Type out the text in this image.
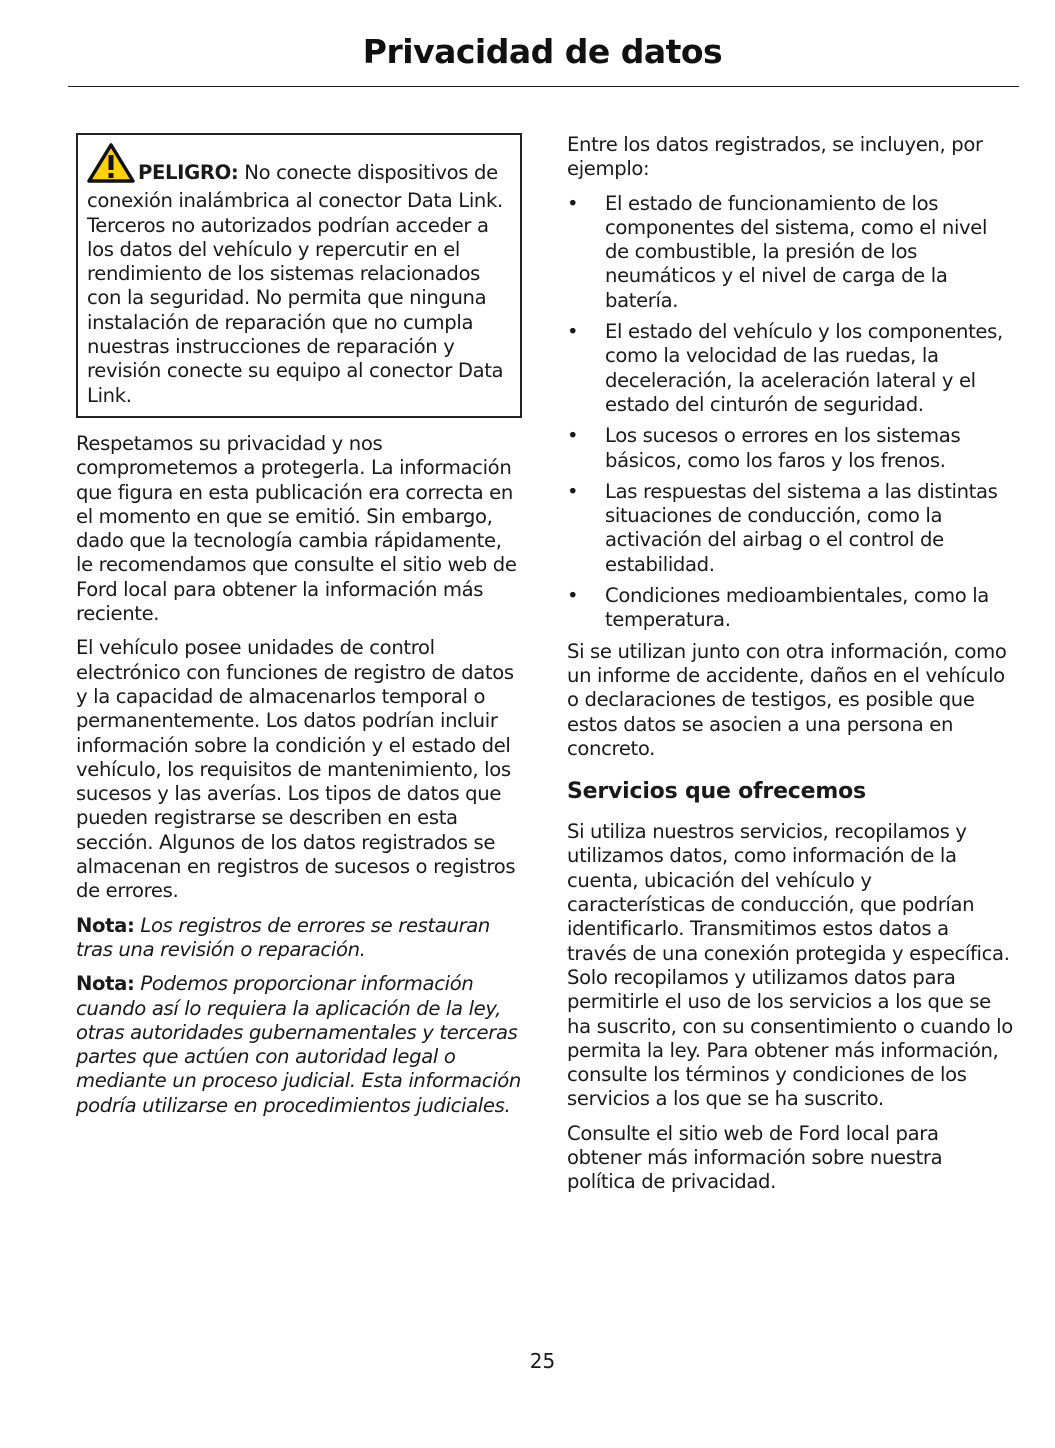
Privacidad de datos
PELIGRO: No conecte dispositivos de conexión inalámbrica al conector Data Link. Terceros no autorizados podrían acceder a los datos del vehículo y repercutir en el rendimiento de los sistemas relacionados con la seguridad. No permita que ninguna instalación de reparación que no cumpla nuestras instrucciones de reparación y revisión conecte su equipo al conector Data Link.

Respetamos su privacidad y nos comprometemos a protegerla. La información que figura en esta publicación era correcta en el momento en que se emitió. Sin embargo, dado que la tecnología cambia rápidamente, le recomendamos que consulte el sitio web de Ford local para obtener la información más reciente.

El vehículo posee unidades de control electrónico con funciones de registro de datos y la capacidad de almacenarlos temporal o permanentemente. Los datos podrían incluir información sobre la condición y el estado del vehículo, los requisitos de mantenimiento, los sucesos y las averías. Los tipos de datos que pueden registrarse se describen en esta sección. Algunos de los datos registrados se almacenan en registros de sucesos o registros de errores.

Nota: Los registros de errores se restauran tras una revisión o reparación.

Nota: Podemos proporcionar información cuando así lo requiera la aplicación de la ley, otras autoridades gubernamentales y terceras partes que actúen con autoridad legal o mediante un proceso judicial. Esta información podría utilizarse en procedimientos judiciales.

Entre los datos registrados, se incluyen, por ejemplo:

• El estado de funcionamiento de los componentes del sistema, como el nivel de combustible, la presión de los neumáticos y el nivel de carga de la batería.
• El estado del vehículo y los componentes, como la velocidad de las ruedas, la deceleración, la aceleración lateral y el estado del cinturón de seguridad.
• Los sucesos o errores en los sistemas básicos, como los faros y los frenos.
• Las respuestas del sistema a las distintas situaciones de conducción, como la activación del airbag o el control de estabilidad.
• Condiciones medioambientales, como la temperatura.

Si se utilizan junto con otra información, como un informe de accidente, daños en el vehículo o declaraciones de testigos, es posible que estos datos se asocien a una persona en concreto.

Servicios que ofrecemos

Si utiliza nuestros servicios, recopilamos y utilizamos datos, como información de la cuenta, ubicación del vehículo y características de conducción, que podrían identificarlo. Transmitimos estos datos a través de una conexión protegida y específica. Solo recopilamos y utilizamos datos para permitirle el uso de los servicios a los que se ha suscrito, con su consentimiento o cuando lo permita la ley. Para obtener más información, consulte los términos y condiciones de los servicios a los que se ha suscrito.

Consulte el sitio web de Ford local para obtener más información sobre nuestra política de privacidad.

25
